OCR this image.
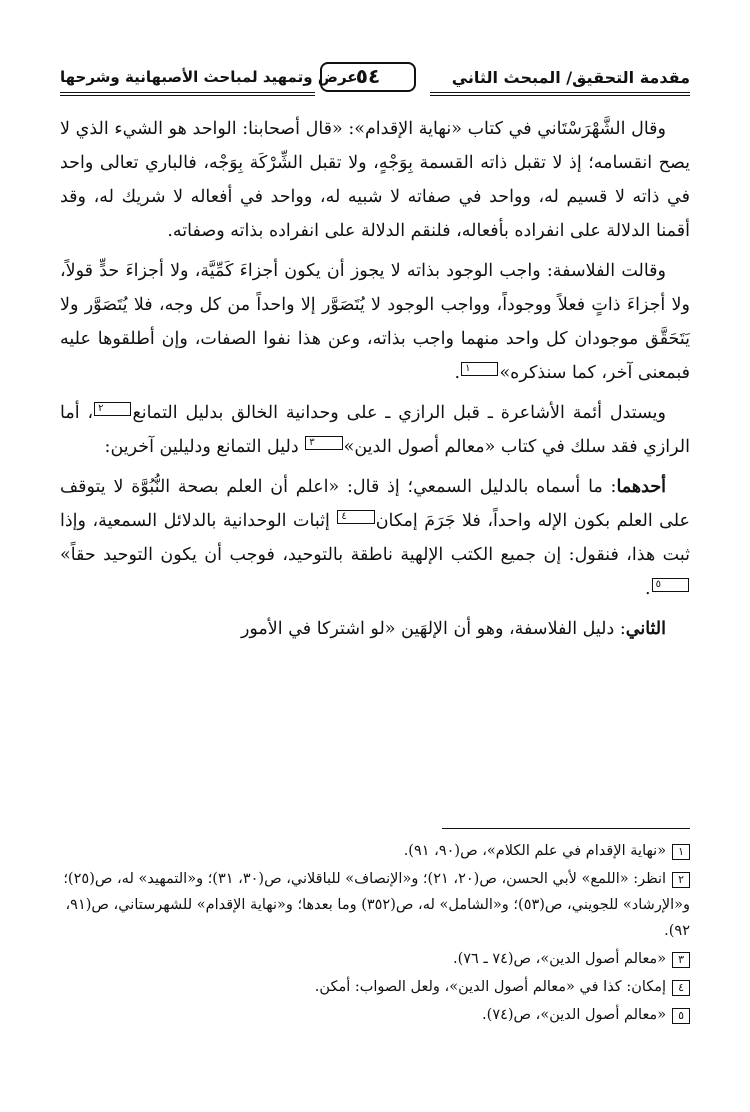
مقدمة التحقيق/ المبحث الثاني
عرض وتمهيد لمباحث الأصبهانية وشرحها
٥٤

وقال الشَّهْرَسْتَاني في كتاب «نهاية الإقدام»: «قال أصحابنا: الواحد هو الشيء الذي لا يصح انقسامه؛ إذ لا تقبل ذاته القسمة بِوَجْهٍ، ولا تقبل الشِّرْكَة بِوَجْه، فالباري تعالى واحد في ذاته لا قسيم له، وواحد في صفاته لا شبيه له، وواحد في أفعاله لا شريك له، وقد أقمنا الدلالة على انفراده بأفعاله، فلنقم الدلالة على انفراده بذاته وصفاته.

وقالت الفلاسفة: واجب الوجود بذاته لا يجوز أن يكون أجزاءَ كَمِّيَّة، ولا أجزاءَ حدٍّ قولاً، ولا أجزاءَ ذاتٍ فعلاً ووجوداً، وواجب الوجود لا يُتَصَوَّر إلا واحداً من كل وجه، فلا يُتَصَوَّر ولا يَتَحَقَّق موجودان كل واحد منهما واجب بذاته، وعن هذا نفوا الصفات، وإن أطلقوها عليه فبمعنى آخر، كما سنذكره»١.

ويستدل أئمة الأشاعرة ـ قبل الرازي ـ على وحدانية الخالق بدليل التمانع٢، أما الرازي فقد سلك في كتاب «معالم أصول الدين»٣ دليل التمانع ودليلين آخرين:

أحدهما: ما أسماه بالدليل السمعي؛ إذ قال: «اعلم أن العلم بصحة النُّبُوَّة لا يتوقف على العلم بكون الإله واحداً، فلا جَرَمَ إمكان٤ إثبات الوحدانية بالدلائل السمعية، وإذا ثبت هذا، فنقول: إن جميع الكتب الإلهية ناطقة بالتوحيد، فوجب أن يكون التوحيد حقاً»٥.

الثاني: دليل الفلاسفة، وهو أن الإلهَين «لو اشتركا في الأمور

١«نهاية الإقدام في علم الكلام»، ص(٩٠، ٩١).

٢انظر: «اللمع» لأبي الحسن، ص(٢٠، ٢١)؛ و«الإنصاف» للباقلاني، ص(٣٠، ٣١)؛ و«التمهيد» له، ص(٢٥)؛ و«الإرشاد» للجويني، ص(٥٣)؛ و«الشامل» له، ص(٣٥٢) وما بعدها؛ و«نهاية الإقدام» للشهرستاني، ص(٩١، ٩٢).

٣«معالم أصول الدين»، ص(٧٤ ـ ٧٦).

٤إمكان: كذا في «معالم أصول الدين»، ولعل الصواب: أمكن.

٥«معالم أصول الدين»، ص(٧٤).
